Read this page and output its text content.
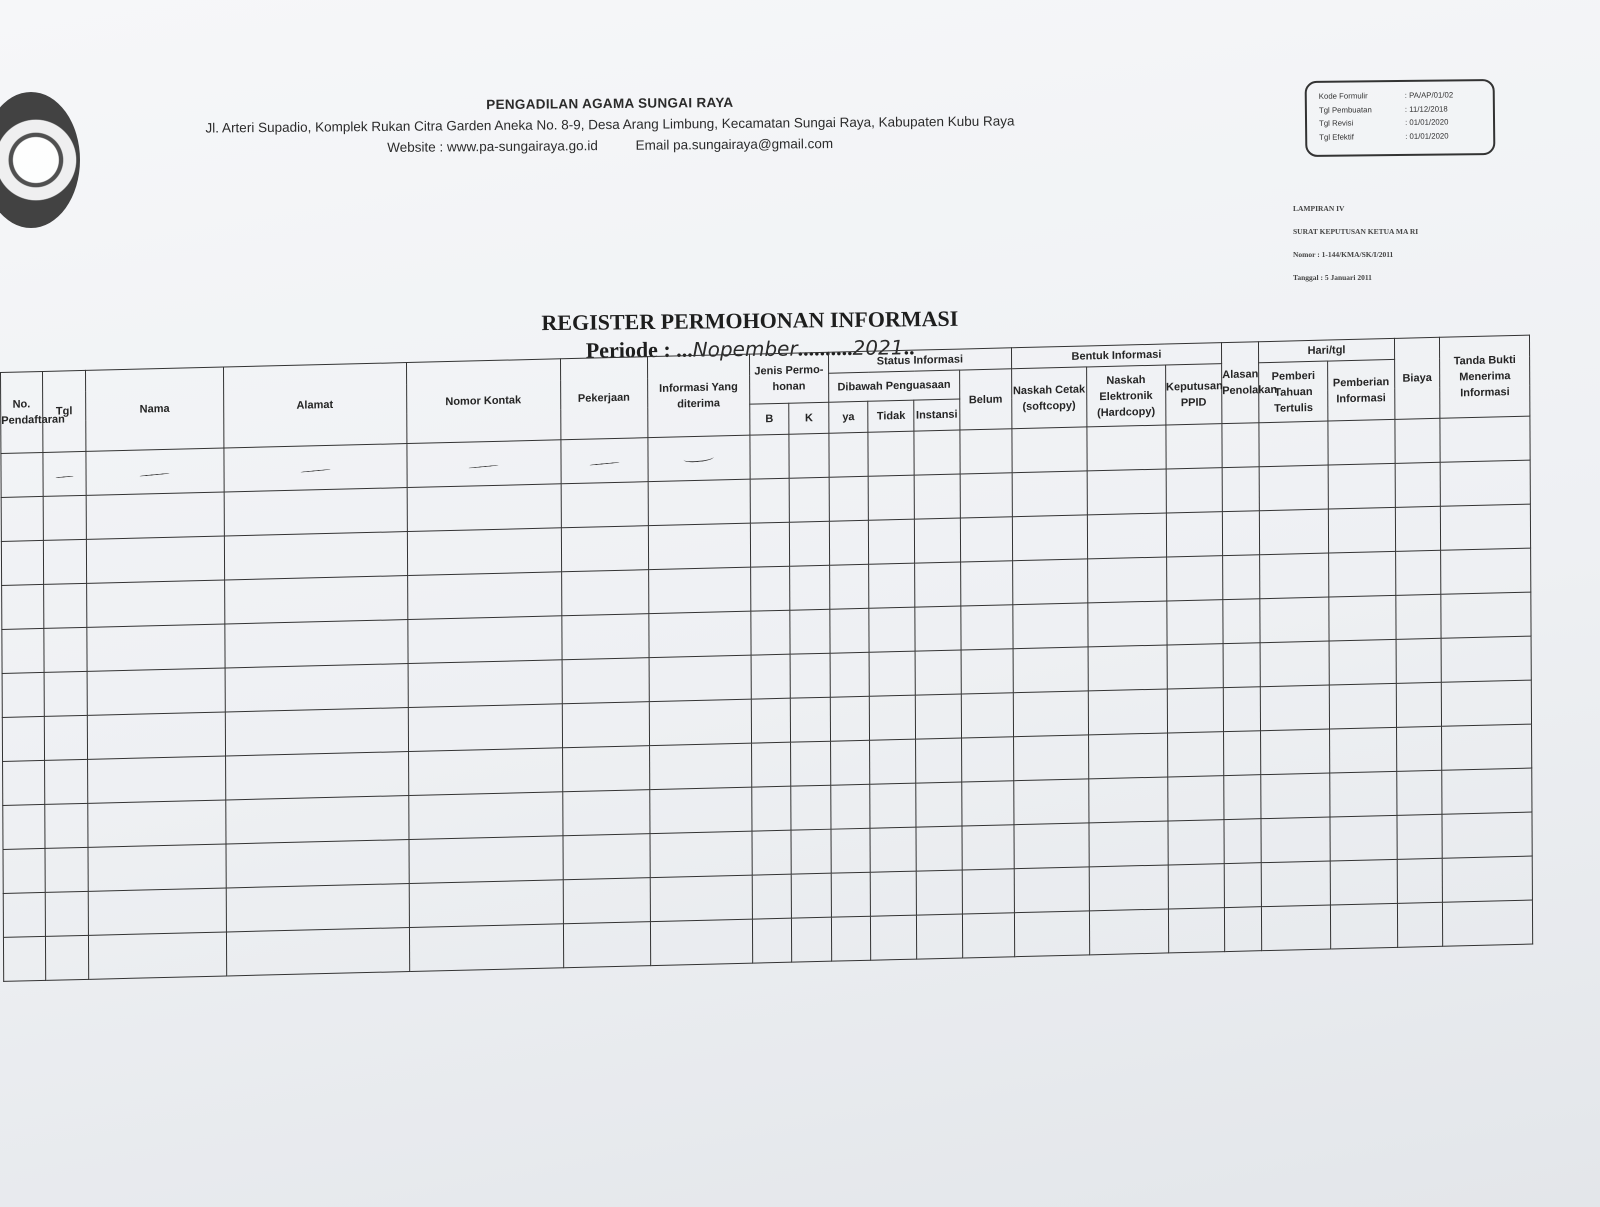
PENGADILAN AGAMA SUNGAI RAYA
Jl. Arteri Supadio, Komplek Rukan Citra Garden Aneka No. 8-9, Desa Arang Limbung, Kecamatan Sungai Raya, Kabupaten Kubu Raya
Website : www.pa-sungairaya.go.id	Email pa.sungairaya@gmail.com
Kode Formulir	: PA/AP/01/02
Tgl Pembuatan	: 11/12/2018
Tgl Revisi	: 01/01/2020
Tgl Efektif	: 01/01/2020
LAMPIRAN IV
SURAT KEPUTUSAN KETUA MA RI
Nomor : 1-144/KMA/SK/I/2011
Tanggal : 5 Januari 2011
REGISTER PERMOHONAN INFORMASI
Periode : ...Nopember..........2021..
No. Pendaftaran	Tgl	Nama	Alamat	Nomor Kontak	Pekerjaan	Informasi Yang diterima	Jenis Permo- honan		Status Informasi				Bentuk Informasi			Alasan Penolakan	Hari/tgl		Biaya	Tanda Bukti Menerima Informasi
									Dibawah Penguasaan			Belum	Naskah Cetak (softcopy)	Naskah Elektronik (Hardcopy)	Keputusan PPID		Pemberi Tahuan Tertulis	Pemberian Informasi		
							B	K	ya	Tidak	Instansi									
